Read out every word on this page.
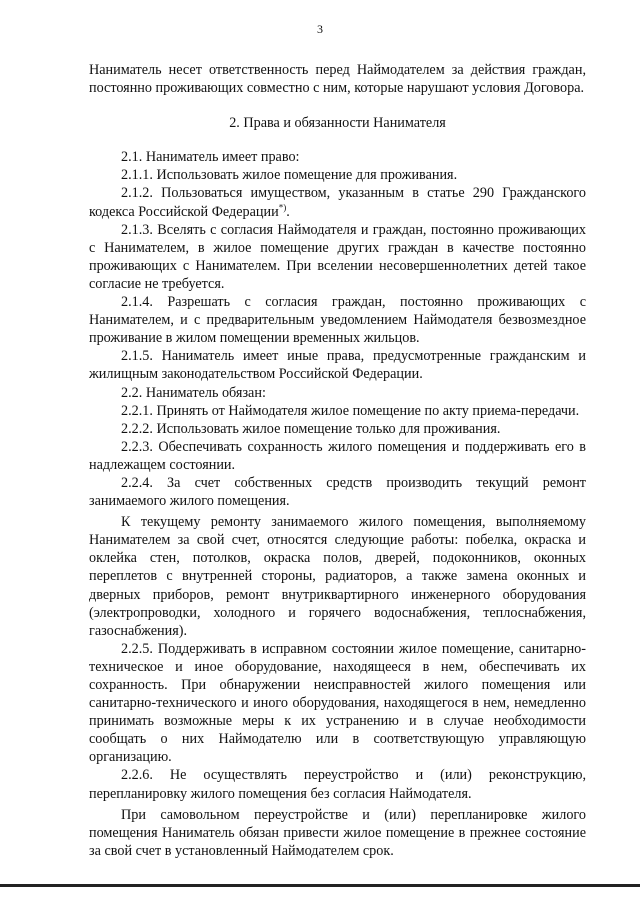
3

Наниматель несет ответственность перед Наймодателем за действия граждан, постоянно проживающих совместно с ним, которые нарушают условия Договора.

2. Права и обязанности Нанимателя

2.1. Наниматель имеет право:

2.1.1. Использовать жилое помещение для проживания.

2.1.2. Пользоваться имуществом, указанным в статье 290 Гражданского кодекса Российской Федерации*).

2.1.3. Вселять с согласия Наймодателя и граждан, постоянно проживающих с Нанимателем, в жилое помещение других граждан в качестве постоянно проживающих с Нанимателем. При вселении несовершеннолетних детей такое согласие не требуется.

2.1.4. Разрешать с согласия граждан, постоянно проживающих с Нанимателем, и с предварительным уведомлением Наймодателя безвозмездное проживание в жилом помещении временных жильцов.

2.1.5. Наниматель имеет иные права, предусмотренные гражданским и жилищным законодательством Российской Федерации.

2.2. Наниматель обязан:

2.2.1. Принять от Наймодателя жилое помещение по акту приема-передачи.

2.2.2. Использовать жилое помещение только для проживания.

2.2.3. Обеспечивать сохранность жилого помещения и поддерживать его в надлежащем состоянии.

2.2.4. За счет собственных средств производить текущий ремонт занимаемого жилого помещения.

К текущему ремонту занимаемого жилого помещения, выполняемому Нанимателем за свой счет, относятся следующие работы: побелка, окраска и оклейка стен, потолков, окраска полов, дверей, подоконников, оконных переплетов с внутренней стороны, радиаторов, а также замена оконных и дверных приборов, ремонт внутриквартирного инженерного оборудования (электропроводки, холодного и горячего водоснабжения, теплоснабжения, газоснабжения).

2.2.5. Поддерживать в исправном состоянии жилое помещение, санитарно-техническое и иное оборудование, находящееся в нем, обеспечивать их сохранность. При обнаружении неисправностей жилого помещения или санитарно-технического и иного оборудования, находящегося в нем, немедленно принимать возможные меры к их устранению и в случае необходимости сообщать о них Наймодателю или в соответствующую управляющую организацию.

2.2.6. Не осуществлять переустройство и (или) реконструкцию, перепланировку жилого помещения без согласия Наймодателя.

При самовольном переустройстве и (или) перепланировке жилого помещения Наниматель обязан привести жилое помещение в прежнее состояние за свой счет в установленный Наймодателем срок.
